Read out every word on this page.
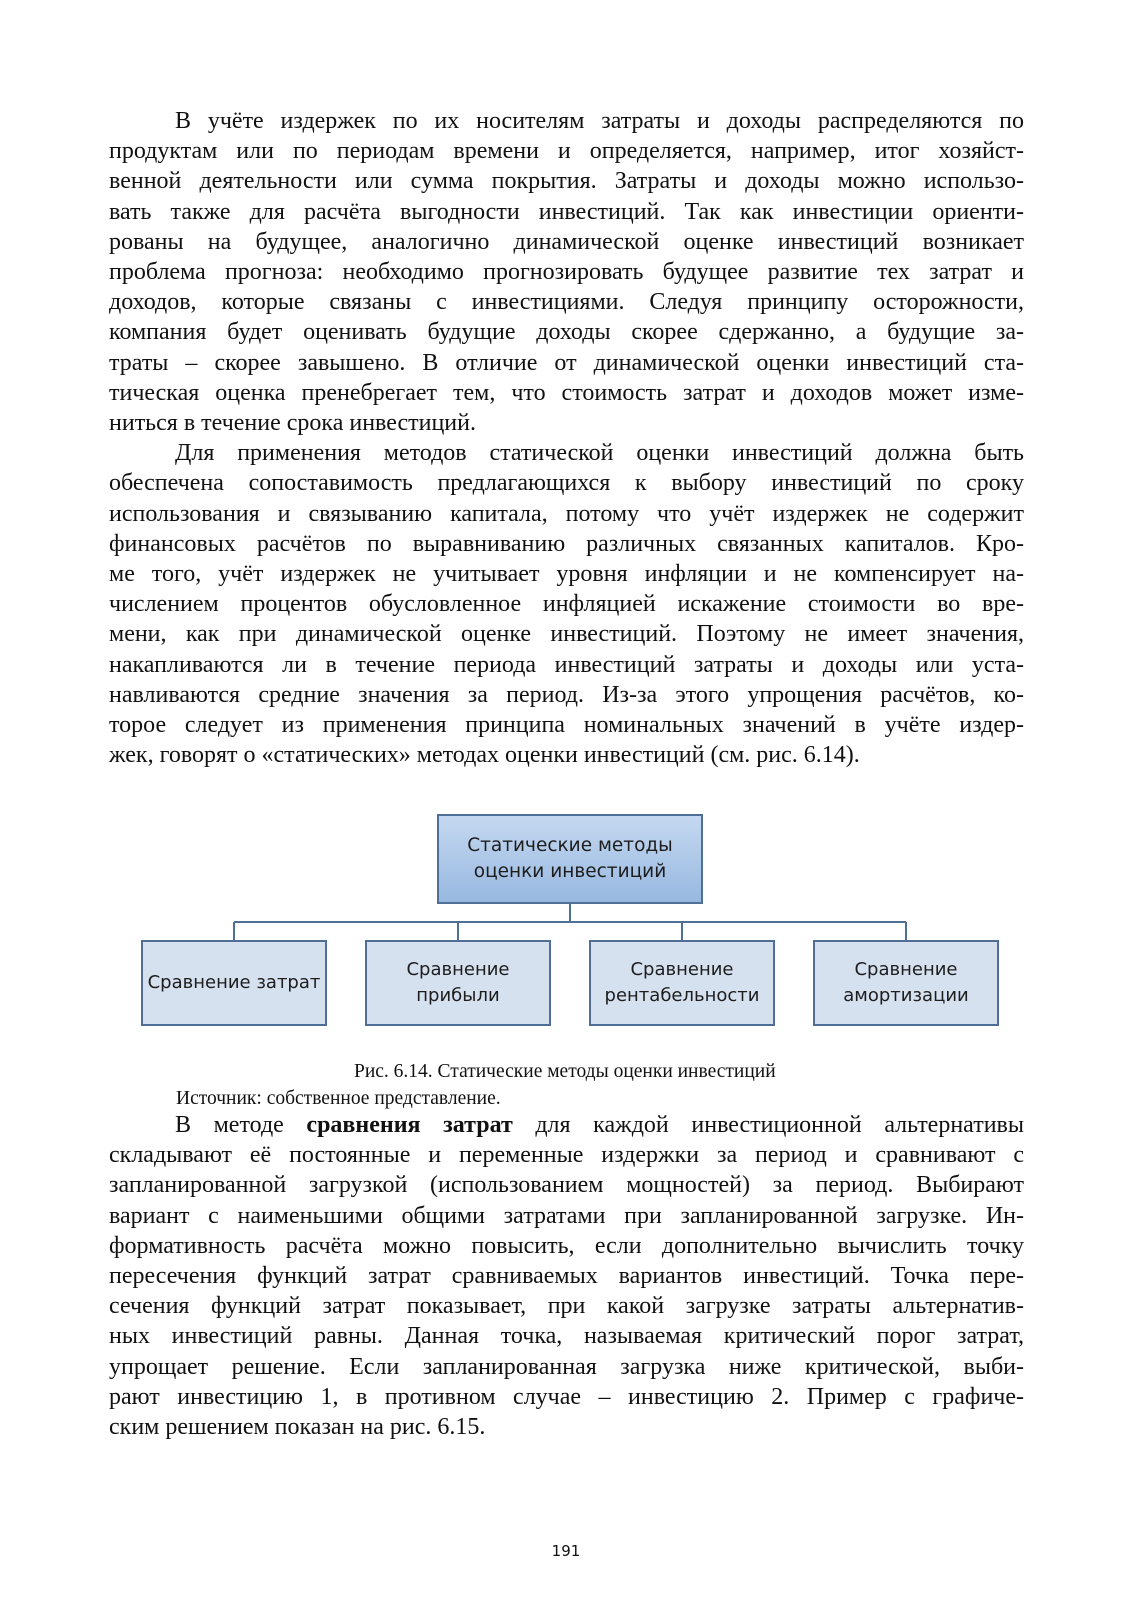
В учёте издержек по их носителям затраты и доходы распределяются по
продуктам или по периодам времени и определяется, например, итог хозяйст-
венной деятельности или сумма покрытия. Затраты и доходы можно использо-
вать также для расчёта выгодности инвестиций. Так как инвестиции ориенти-
рованы на будущее, аналогично динамической оценке инвестиций возникает
проблема прогноза: необходимо прогнозировать будущее развитие тех затрат и
доходов, которые связаны с инвестициями. Следуя принципу осторожности,
компания будет оценивать будущие доходы скорее сдержанно, а будущие за-
траты – скорее завышено. В отличие от динамической оценки инвестиций ста-
тическая оценка пренебрегает тем, что стоимость затрат и доходов может изме-
ниться в течение срока инвестиций.
Для применения методов статической оценки инвестиций должна быть
обеспечена сопоставимость предлагающихся к выбору инвестиций по сроку
использования и связыванию капитала, потому что учёт издержек не содержит
финансовых расчётов по выравниванию различных связанных капиталов. Кро-
ме того, учёт издержек не учитывает уровня инфляции и не компенсирует на-
числением процентов обусловленное инфляцией искажение стоимости во вре-
мени, как при динамической оценке инвестиций. Поэтому не имеет значения,
накапливаются ли в течение периода инвестиций затраты и доходы или уста-
навливаются средние значения за период. Из-за этого упрощения расчётов, ко-
торое следует из применения принципа номинальных значений в учёте издер-
жек, говорят о «статических» методах оценки инвестиций (см. рис. 6.14).
Статические методы
оценки инвестиций
Сравнение затрат
Сравнение
прибыли
Сравнение
рентабельности
Сравнение
амортизации
Рис. 6.14. Статические методы оценки инвестиций
Источник: собственное представление.
В методе сравнения затрат для каждой инвестиционной альтернативы
складывают её постоянные и переменные издержки за период и сравнивают с
запланированной загрузкой (использованием мощностей) за период. Выбирают
вариант с наименьшими общими затратами при запланированной загрузке. Ин-
формативность расчёта можно повысить, если дополнительно вычислить точку
пересечения функций затрат сравниваемых вариантов инвестиций. Точка пере-
сечения функций затрат показывает, при какой загрузке затраты альтернатив-
ных инвестиций равны. Данная точка, называемая критический порог затрат,
упрощает решение. Если запланированная загрузка ниже критической, выби-
рают инвестицию 1, в противном случае – инвестицию 2. Пример с графиче-
ским решением показан на рис. 6.15.
191
